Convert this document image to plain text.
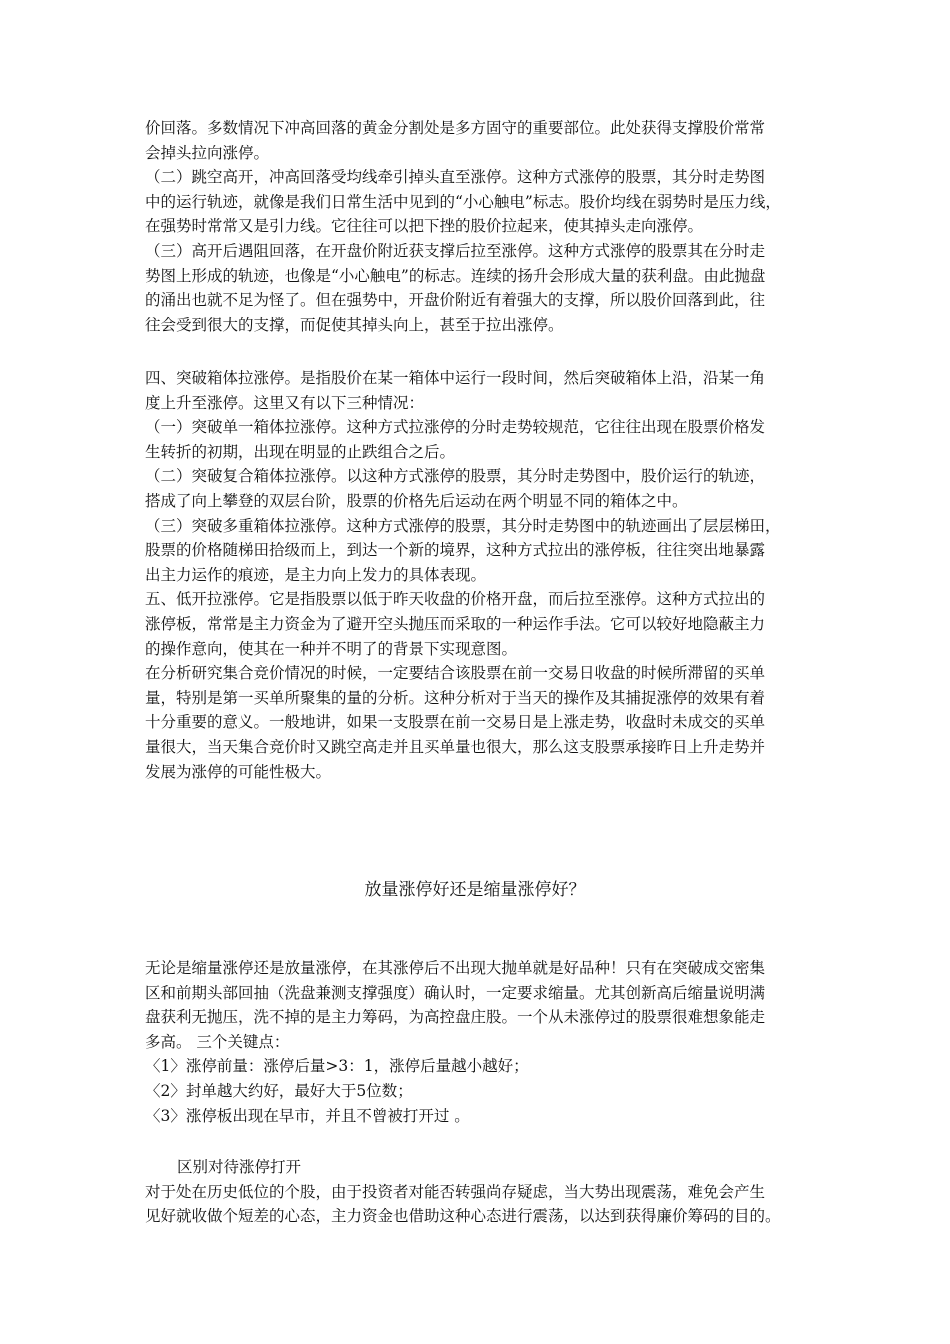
价回落。多数情况下冲高回落的黄金分割处是多方固守的重要部位。此处获得支撑股价常常

会掉头拉向涨停。

（二）跳空高开，冲高回落受均线牵引掉头直至涨停。这种方式涨停的股票，其分时走势图

中的运行轨迹，就像是我们日常生活中见到的“小心触电”标志。股价均线在弱势时是压力线，

在强势时常常又是引力线。它往往可以把下挫的股价拉起来，使其掉头走向涨停。

（三）高开后遇阻回落，在开盘价附近获支撑后拉至涨停。这种方式涨停的股票其在分时走

势图上形成的轨迹，也像是“小心触电”的标志。连续的扬升会形成大量的获利盘。由此抛盘

的涌出也就不足为怪了。但在强势中，开盘价附近有着强大的支撑，所以股价回落到此，往

往会受到很大的支撑，而促使其掉头向上，甚至于拉出涨停。

四、突破箱体拉涨停。是指股价在某一箱体中运行一段时间，然后突破箱体上沿，沿某一角

度上升至涨停。这里又有以下三种情况：

（一）突破单一箱体拉涨停。这种方式拉涨停的分时走势较规范，它往往出现在股票价格发

生转折的初期，出现在明显的止跌组合之后。

（二）突破复合箱体拉涨停。以这种方式涨停的股票，其分时走势图中，股价运行的轨迹，

搭成了向上攀登的双层台阶，股票的价格先后运动在两个明显不同的箱体之中。

（三）突破多重箱体拉涨停。这种方式涨停的股票，其分时走势图中的轨迹画出了层层梯田，

股票的价格随梯田拾级而上，到达一个新的境界，这种方式拉出的涨停板，往往突出地暴露

出主力运作的痕迹，是主力向上发力的具体表现。

五、低开拉涨停。它是指股票以低于昨天收盘的价格开盘，而后拉至涨停。这种方式拉出的

涨停板，常常是主力资金为了避开空头抛压而采取的一种运作手法。它可以较好地隐蔽主力

的操作意向，使其在一种并不明了的背景下实现意图。

在分析研究集合竞价情况的时候，一定要结合该股票在前一交易日收盘的时候所滞留的买单

量，特别是第一买单所聚集的量的分析。这种分析对于当天的操作及其捕捉涨停的效果有着

十分重要的意义。一般地讲，如果一支股票在前一交易日是上涨走势，收盘时未成交的买单

量很大，当天集合竞价时又跳空高走并且买单量也很大，那么这支股票承接昨日上升走势并

发展为涨停的可能性极大。

放量涨停好还是缩量涨停好？

无论是缩量涨停还是放量涨停，在其涨停后不出现大抛单就是好品种！只有在突破成交密集

区和前期头部回抽（洗盘兼测支撑强度）确认时，一定要求缩量。尤其创新高后缩量说明满

盘获利无抛压，洗不掉的是主力筹码，为高控盘庄股。一个从未涨停过的股票很难想象能走

多高。 三个关键点：

〈1〉涨停前量：涨停后量>3：1，涨停后量越小越好；

〈2〉封单越大约好，最好大于5位数；

〈3〉涨停板出现在早市，并且不曾被打开过 。

区别对待涨停打开

对于处在历史低位的个股，由于投资者对能否转强尚存疑虑，当大势出现震荡，难免会产生

见好就收做个短差的心态，主力资金也借助这种心态进行震荡，以达到获得廉价筹码的目的。
